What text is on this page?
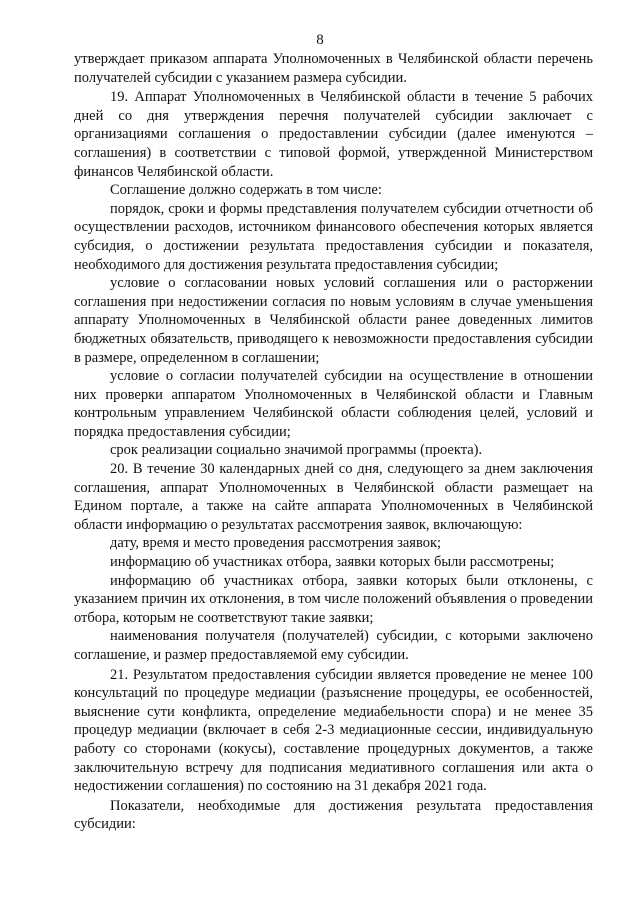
8

утверждает приказом аппарата Уполномоченных в Челябинской области перечень получателей субсидии с указанием размера субсидии.

19. Аппарат Уполномоченных в Челябинской области в течение 5 рабочих дней со дня утверждения перечня получателей субсидии заключает с организациями соглашения о предоставлении субсидии (далее именуются – соглашения) в соответствии с типовой формой, утвержденной Министерством финансов Челябинской области.

Соглашение должно содержать в том числе:

порядок, сроки и формы представления получателем субсидии отчетности об осуществлении расходов, источником финансового обеспечения которых является субсидия, о достижении результата предоставления субсидии и показателя, необходимого для достижения результата предоставления субсидии;

условие о согласовании новых условий соглашения или о расторжении соглашения при недостижении согласия по новым условиям в случае уменьшения аппарату Уполномоченных в Челябинской области ранее доведенных лимитов бюджетных обязательств, приводящего к невозможности предоставления субсидии в размере, определенном в соглашении;

условие о согласии получателей субсидии на осуществление в отношении них проверки аппаратом Уполномоченных в Челябинской области и Главным контрольным управлением Челябинской области соблюдения целей, условий и порядка предоставления субсидии;

срок реализации социально значимой программы (проекта).

20. В течение 30 календарных дней со дня, следующего за днем заключения соглашения, аппарат Уполномоченных в Челябинской области размещает на Едином портале, а также на сайте аппарата Уполномоченных в Челябинской области информацию о результатах рассмотрения заявок, включающую:

дату, время и место проведения рассмотрения заявок;

информацию об участниках отбора, заявки которых были рассмотрены;

информацию об участниках отбора, заявки которых были отклонены, с указанием причин их отклонения, в том числе положений объявления о проведении отбора, которым не соответствуют такие заявки;

наименования получателя (получателей) субсидии, с которыми заключено соглашение, и размер предоставляемой ему субсидии.

21. Результатом предоставления субсидии является проведение не менее 100 консультаций по процедуре медиации (разъяснение процедуры, ее особенностей, выяснение сути конфликта, определение медиабельности спора) и не менее 35 процедур медиации (включает в себя 2-3 медиационные сессии, индивидуальную работу со сторонами (кокусы), составление процедурных документов, а также заключительную встречу для подписания медиативного соглашения или акта о недостижении соглашения) по состоянию на 31 декабря 2021 года.

Показатели, необходимые для достижения результата предоставления субсидии:
